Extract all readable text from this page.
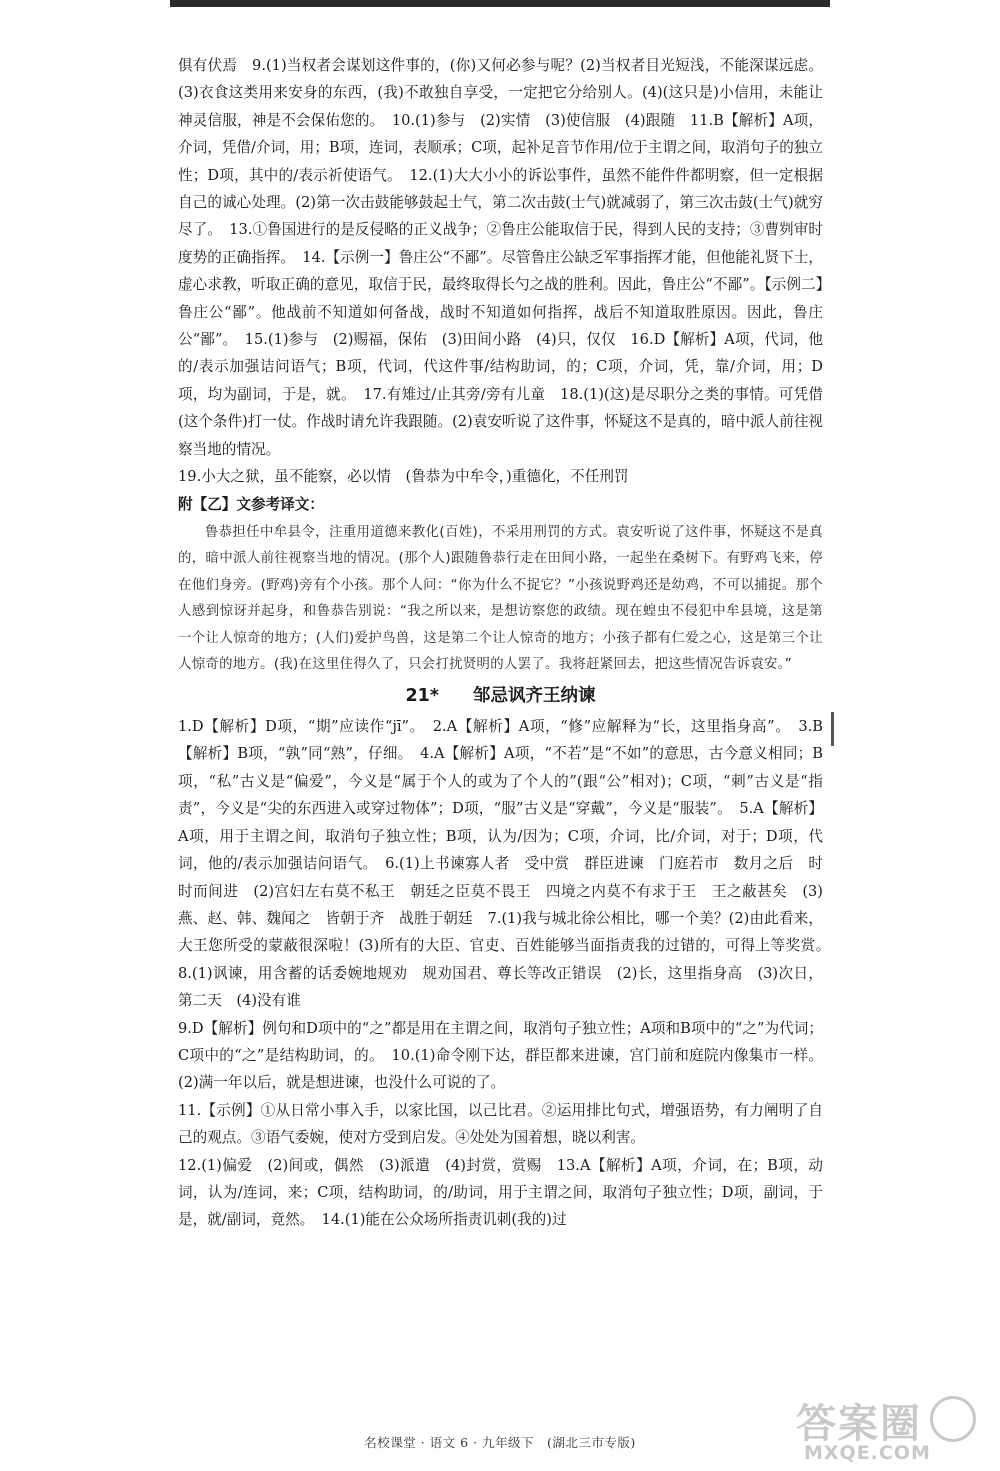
俱有伏焉　9.(1)当权者会谋划这件事的，(你)又何必参与呢？(2)当权者目光短浅，不能深谋远虑。(3)衣食这类用来安身的东西，(我)不敢独自享受，一定把它分给别人。(4)(这只是)小信用，未能让神灵信服，神是不会保佑您的。　10.(1)参与　(2)实情　(3)使信服　(4)跟随　11.B【解析】A项，介词，凭借/介词，用；B项，连词，表顺承；C项，起补足音节作用/位于主谓之间，取消句子的独立性；D项，其中的/表示祈使语气。　12.(1)大大小小的诉讼事件，虽然不能件件都明察，但一定根据自己的诚心处理。(2)第一次击鼓能够鼓起士气，第二次击鼓(士气)就减弱了，第三次击鼓(士气)就穷尽了。　13.①鲁国进行的是反侵略的正义战争；②鲁庄公能取信于民，得到人民的支持；③曹刿审时度势的正确指挥。　14.【示例一】鲁庄公“不鄙”。尽管鲁庄公缺乏军事指挥才能，但他能礼贤下士，虚心求教，听取正确的意见，取信于民，最终取得长勺之战的胜利。因此，鲁庄公“不鄙”。【示例二】鲁庄公“鄙”。他战前不知道如何备战，战时不知道如何指挥，战后不知道取胜原因。因此，鲁庄公“鄙”。　15.(1)参与　(2)赐福，保佑　(3)田间小路　(4)只，仅仅　16.D【解析】A项，代词，他的/表示加强诘问语气；B项，代词，代这件事/结构助词，的；C项，介词，凭，靠/介词，用；D项，均为副词，于是，就。　17.有雉过/止其旁/旁有儿童　18.(1)(这)是尽职分之类的事情。可凭借(这个条件)打一仗。作战时请允许我跟随。(2)袁安听说了这件事，怀疑这不是真的，暗中派人前往视察当地的情况。

19.小大之狱，虽不能察，必以情　(鲁恭为中牟令，)重德化，不任刑罚

附【乙】文参考译文：

鲁恭担任中牟县令，注重用道德来教化(百姓)，不采用刑罚的方式。袁安听说了这件事，怀疑这不是真的，暗中派人前往视察当地的情况。(那个人)跟随鲁恭行走在田间小路，一起坐在桑树下。有野鸡飞来，停在他们身旁。(野鸡)旁有个小孩。那个人问：“你为什么不捉它？”小孩说野鸡还是幼鸡，不可以捕捉。那个人感到惊讶并起身，和鲁恭告别说：“我之所以来，是想访察您的政绩。现在蝗虫不侵犯中牟县境，这是第一个让人惊奇的地方；(人们)爱护鸟兽，这是第二个让人惊奇的地方；小孩子都有仁爱之心，这是第三个让人惊奇的地方。(我)在这里住得久了，只会打扰贤明的人罢了。我将赶紧回去，把这些情况告诉袁安。”

21* 邹忌讽齐王纳谏

1.D【解析】D项，“期”应读作“jī”。　2.A【解析】A项，“修”应解释为“长，这里指身高”。　3.B【解析】B项，“孰”同“熟”，仔细。　4.A【解析】A项，“不若”是“不如”的意思，古今意义相同；B项，“私”古义是“偏爱”，今义是“属于个人的或为了个人的”(跟“公”相对)；C项，“刺”古义是“指责”，今义是“尖的东西进入或穿过物体”；D项，“服”古义是“穿戴”，今义是“服装”。　5.A【解析】A项，用于主谓之间，取消句子独立性；B项，认为/因为；C项，介词，比/介词，对于；D项，代词，他的/表示加强诘问语气。　6.(1)上书谏寡人者　受中赏　群臣进谏　门庭若市　数月之后　时时而间进　(2)宫妇左右莫不私王　朝廷之臣莫不畏王　四境之内莫不有求于王　王之蔽甚矣　(3)燕、赵、韩、魏闻之　皆朝于齐　战胜于朝廷　7.(1)我与城北徐公相比，哪一个美？(2)由此看来，大王您所受的蒙蔽很深啦！(3)所有的大臣、官吏、百姓能够当面指责我的过错的，可得上等奖赏。　8.(1)讽谏，用含蓄的话委婉地规劝　规劝国君、尊长等改正错误　(2)长，这里指身高　(3)次日，第二天　(4)没有谁

9.D【解析】例句和D项中的“之”都是用在主谓之间，取消句子独立性；A项和B项中的“之”为代词；C项中的“之”是结构助词，的。　10.(1)命令刚下达，群臣都来进谏，宫门前和庭院内像集市一样。(2)满一年以后，就是想进谏，也没什么可说的了。

11.【示例】①从日常小事入手，以家比国，以己比君。②运用排比句式，增强语势，有力阐明了自己的观点。③语气委婉，使对方受到启发。④处处为国着想，晓以利害。

12.(1)偏爱　(2)间或，偶然　(3)派遣　(4)封赏，赏赐　13.A【解析】A项，介词，在；B项，动词，认为/连词，来；C项，结构助词，的/助词，用于主谓之间，取消句子独立性；D项，副词，于是，就/副词，竟然。　14.(1)能在公众场所指责讥刺(我的)过

名校课堂 · 语文 6 · 九年级下　(湖北三市专版)	答案圈
MXQE.COM
